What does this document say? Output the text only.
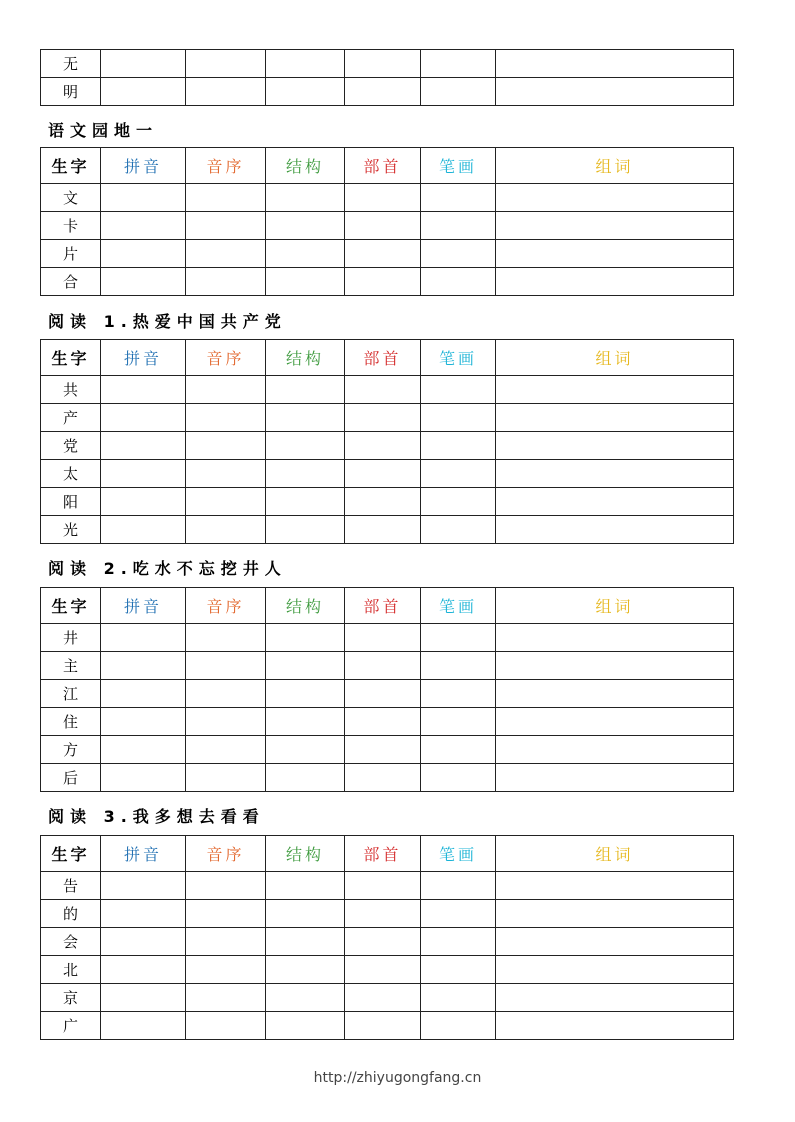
无						
明						
语文园地一
生字	拼音	音序	结构	部首	笔画	组词
文						
卡						
片						
合						
阅读 1.热爱中国共产党
生字	拼音	音序	结构	部首	笔画	组词
共						
产						
党						
太						
阳						
光						
阅读 2.吃水不忘挖井人
生字	拼音	音序	结构	部首	笔画	组词
井						
主						
江						
住						
方						
后						
阅读 3.我多想去看看
生字	拼音	音序	结构	部首	笔画	组词
告						
的						
会						
北						
京						
广						
http://zhiyugongfang.cn
